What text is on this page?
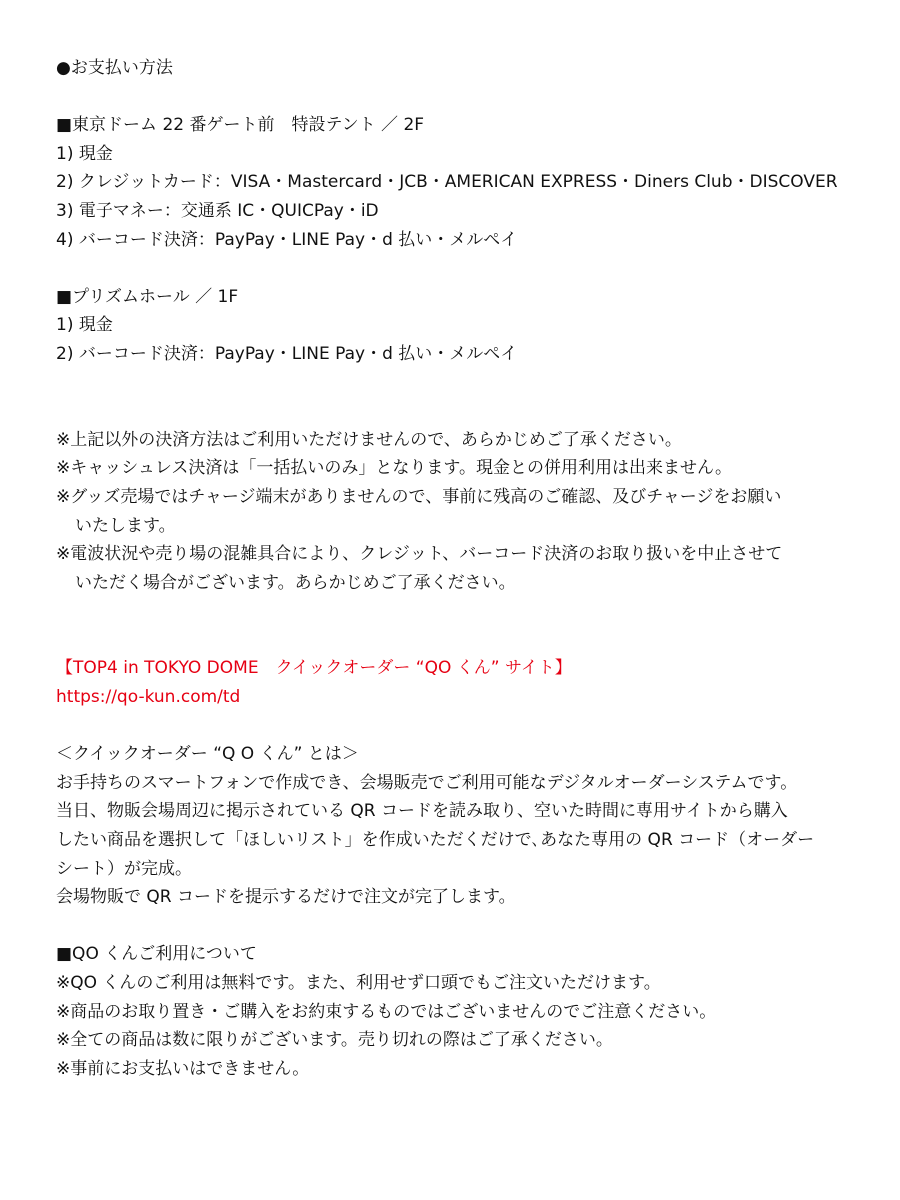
●お支払い方法
■東京ドーム 22 番ゲート前　特設テント ／ 2F
1) 現金
2) クレジットカード：VISA・Mastercard・JCB・AMERICAN EXPRESS・Diners Club・DISCOVER
3) 電子マネー：交通系 IC・QUICPay・iD
4) バーコード決済：PayPay・LINE Pay・d 払い・メルペイ
■プリズムホール ／ 1F
1) 現金
2) バーコード決済：PayPay・LINE Pay・d 払い・メルペイ
※上記以外の決済方法はご利用いただけませんので、あらかじめご了承ください。
※キャッシュレス決済は「一括払いのみ」となります。現金との併用利用は出来ません。
※グッズ売場ではチャージ端末がありませんので、事前に残高のご確認、及びチャージをお願い
いたします。
※電波状況や売り場の混雑具合により、クレジット、バーコード決済のお取り扱いを中止させて
いただく場合がございます。あらかじめご了承ください。
【TOP4 in TOKYO DOME　クイックオーダー “QO くん” サイト】
https://qo-kun.com/td
＜クイックオーダー “Q O くん” とは＞
お手持ちのスマートフォンで作成でき、会場販売でご利用可能なデジタルオーダーシステムです。
当日、物販会場周辺に掲示されている QR コードを読み取り、空いた時間に専用サイトから購入
したい商品を選択して「ほしいリスト」を作成いただくだけで､あなた専用の QR コード（オーダー
シート）が完成。
会場物販で QR コードを提示するだけで注文が完了します。
■QO くんご利用について
※QO くんのご利用は無料です。また、利用せず口頭でもご注文いただけます。
※商品のお取り置き・ご購入をお約束するものではございませんのでご注意ください。
※全ての商品は数に限りがございます。売り切れの際はご了承ください。
※事前にお支払いはできません。
